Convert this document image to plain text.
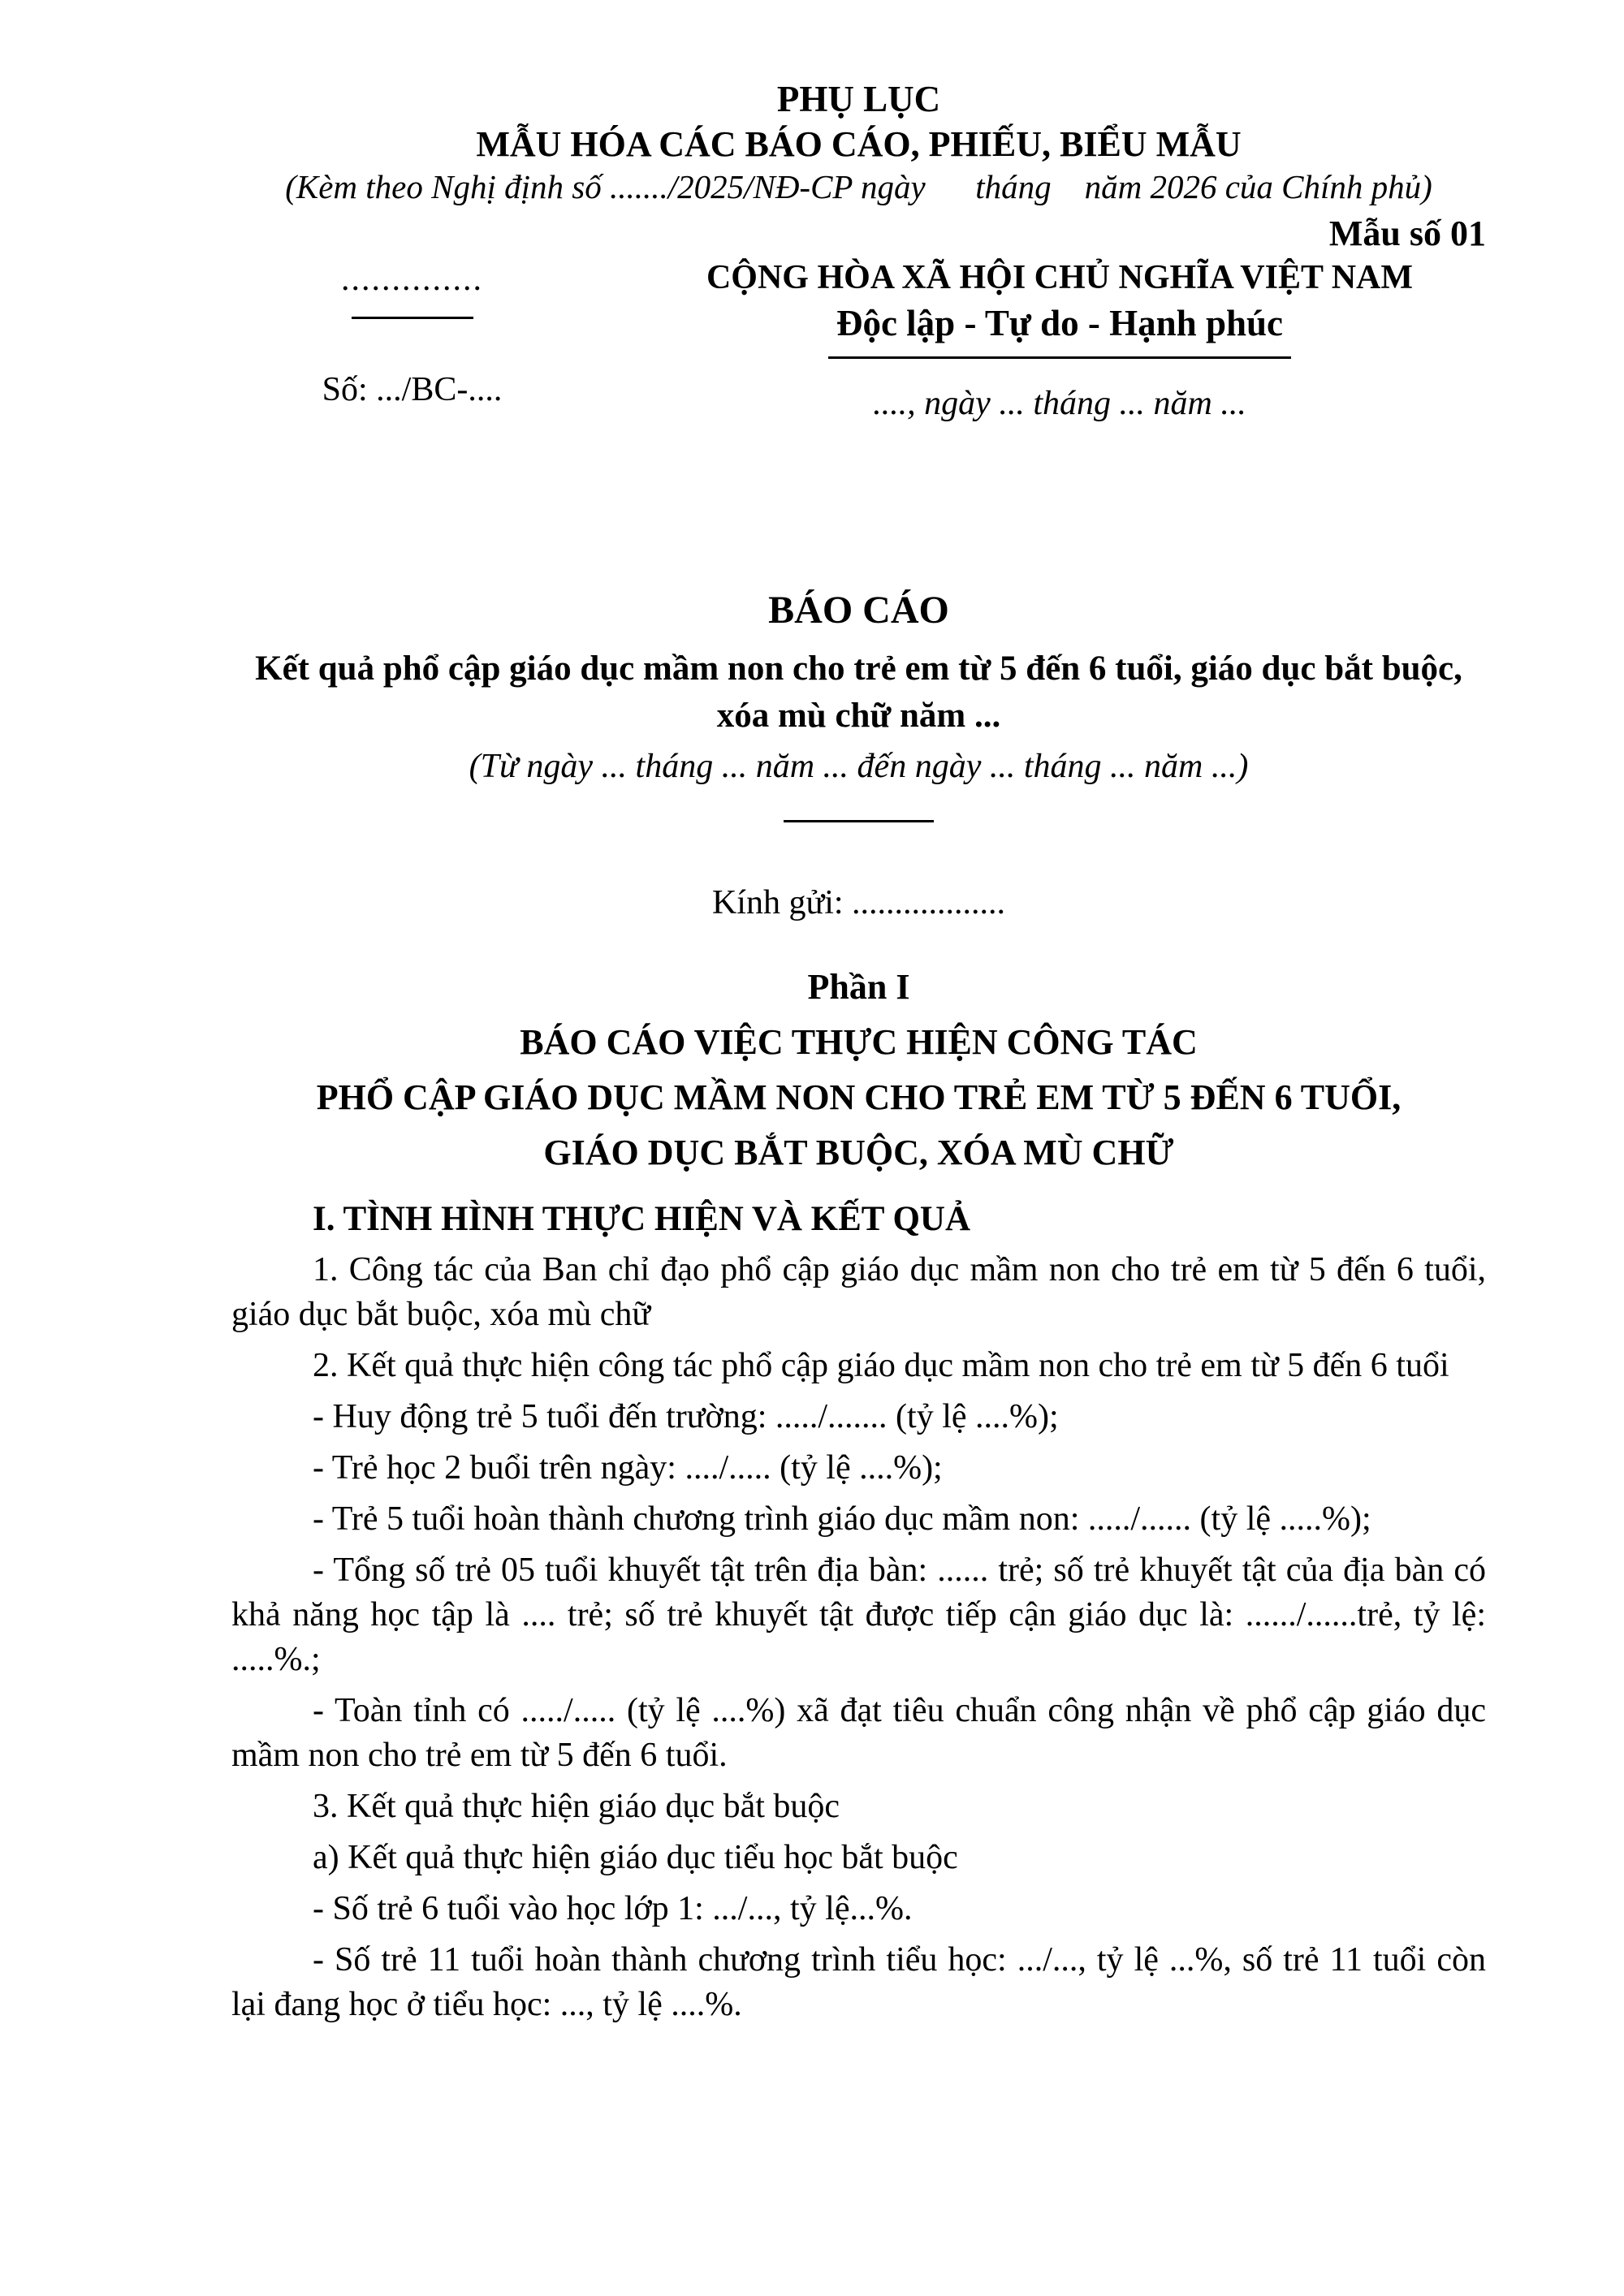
PHỤ LỤC
MẪU HÓA CÁC BÁO CÁO, PHIẾU, BIỂU MẪU
(Kèm theo Nghị định số ......./2025/NĐ-CP ngày      tháng    năm 2026 của Chính phủ)
Mẫu số 01
..............
Số: .../BC-....
CỘNG HÒA XÃ HỘI CHỦ NGHĨA VIỆT NAM
Độc lập - Tự do - Hạnh phúc
...., ngày ... tháng ... năm ...
BÁO CÁO
Kết quả phổ cập giáo dục mầm non cho trẻ em từ 5 đến 6 tuổi, giáo dục bắt buộc, xóa mù chữ năm ...
(Từ ngày ... tháng ... năm ... đến ngày ... tháng ... năm ...)
Kính gửi: ..................
Phần I
BÁO CÁO VIỆC THỰC HIỆN CÔNG TÁC
PHỔ CẬP GIÁO DỤC MẦM NON CHO TRẺ EM TỪ 5 ĐẾN 6 TUỔI,
GIÁO DỤC BẮT BUỘC, XÓA MÙ CHỮ

I. TÌNH HÌNH THỰC HIỆN VÀ KẾT QUẢ

1. Công tác của Ban chỉ đạo phổ cập giáo dục mầm non cho trẻ em từ 5 đến 6 tuổi, giáo dục bắt buộc, xóa mù chữ

2. Kết quả thực hiện công tác phổ cập giáo dục mầm non cho trẻ em từ 5 đến 6 tuổi

- Huy động trẻ 5 tuổi đến trường: ...../....... (tỷ lệ ....%);

- Trẻ học 2 buổi trên ngày: ..../..... (tỷ lệ ....%);

- Trẻ 5 tuổi hoàn thành chương trình giáo dục mầm non: ...../...... (tỷ lệ .....%);

- Tổng số trẻ 05 tuổi khuyết tật trên địa bàn: ...... trẻ; số trẻ khuyết tật của địa bàn có khả năng học tập là .... trẻ; số trẻ khuyết tật được tiếp cận giáo dục là: ....../......trẻ, tỷ lệ: .....%.;

- Toàn tỉnh có ...../..... (tỷ lệ ....%) xã đạt tiêu chuẩn công nhận về phổ cập giáo dục mầm non cho trẻ em từ 5 đến 6 tuổi.

3. Kết quả thực hiện giáo dục bắt buộc

a) Kết quả thực hiện giáo dục tiểu học bắt buộc

- Số trẻ 6 tuổi vào học lớp 1: .../..., tỷ lệ...%.

- Số trẻ 11 tuổi hoàn thành chương trình tiểu học: .../..., tỷ lệ ...%, số trẻ 11 tuổi còn lại đang học ở tiểu học: ..., tỷ lệ ....%.
